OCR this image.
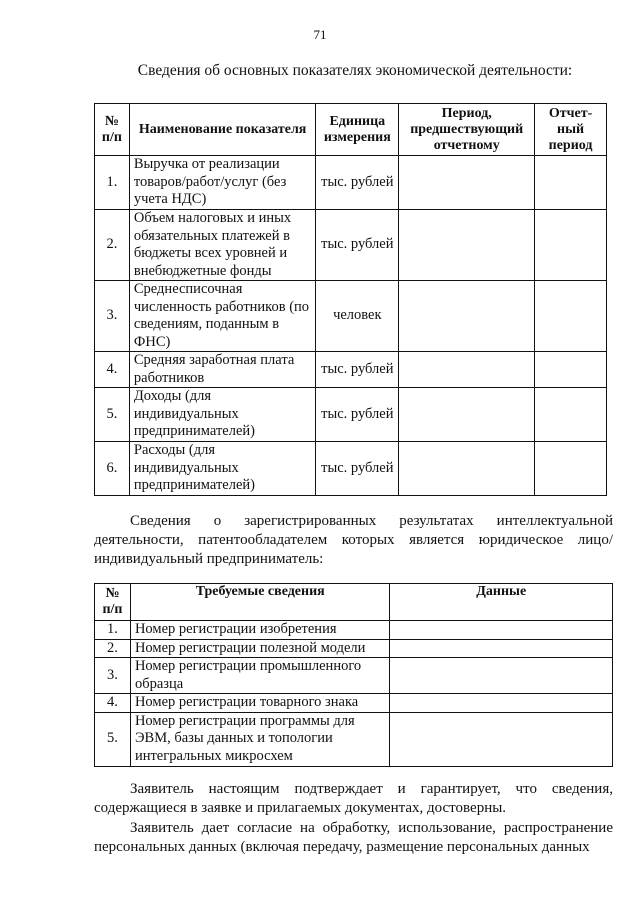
71
Сведения об основных показателях экономической деятельности:
№ п/п	Наименование показателя	Единица измерения	Период, предшествующий отчетному	Отчет-ный период
1.	Выручка от реализации товаров/работ/услуг (без учета НДС)	тыс. рублей		
2.	Объем налоговых и иных обязательных платежей в бюджеты всех уровней и внебюджетные фонды	тыс. рублей		
3.	Среднесписочная численность работников (по сведениям, поданным в ФНС)	человек		
4.	Средняя заработная плата работников	тыс. рублей		
5.	Доходы (для индивидуальных предпринимателей)	тыс. рублей		
6.	Расходы (для индивидуальных предпринимателей)	тыс. рублей		
Сведения о зарегистрированных результатах интеллектуальной деятельности, патентообладателем которых является юридическое лицо/индивидуальный предприниматель:
№ п/п	Требуемые сведения	Данные
1.	Номер регистрации изобретения	
2.	Номер регистрации полезной модели	
3.	Номер регистрации промышленного образца	
4.	Номер регистрации товарного знака	
5.	Номер регистрации программы для ЭВМ, базы данных и топологии интегральных микросхем	
Заявитель настоящим подтверждает и гарантирует, что сведения, содержащиеся в заявке и прилагаемых документах, достоверны.
Заявитель дает согласие на обработку, использование, распространение персональных данных (включая передачу, размещение персональных данных
